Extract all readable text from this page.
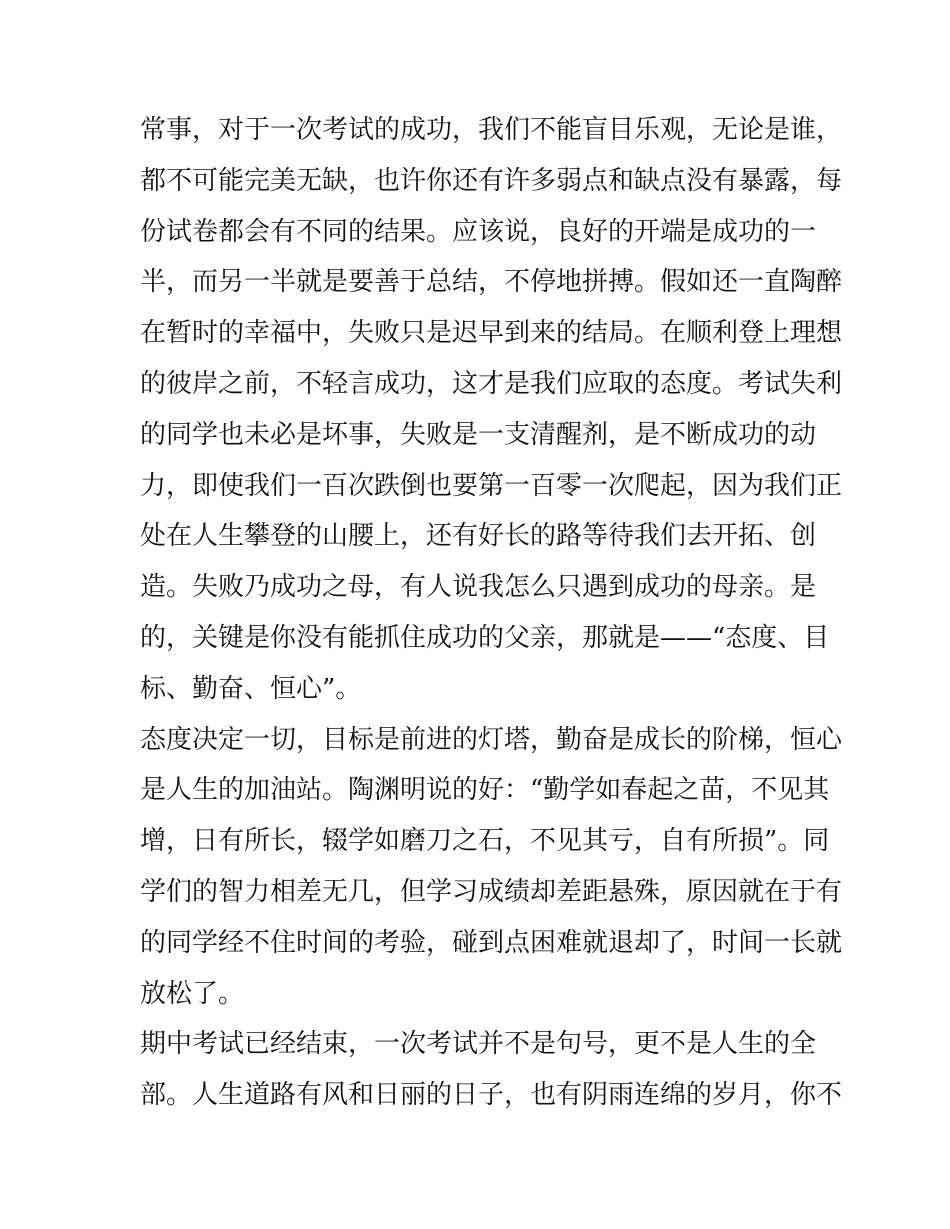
常事，对于一次考试的成功，我们不能盲目乐观，无论是谁，
都不可能完美无缺，也许你还有许多弱点和缺点没有暴露，每
份试卷都会有不同的结果。应该说，良好的开端是成功的一
半，而另一半就是要善于总结，不停地拼搏。假如还一直陶醉
在暂时的幸福中，失败只是迟早到来的结局。在顺利登上理想
的彼岸之前，不轻言成功，这才是我们应取的态度。考试失利
的同学也未必是坏事，失败是一支清醒剂，是不断成功的动
力，即使我们一百次跌倒也要第一百零一次爬起，因为我们正
处在人生攀登的山腰上，还有好长的路等待我们去开拓、创
造。失败乃成功之母，有人说我怎么只遇到成功的母亲。是
的，关键是你没有能抓住成功的父亲，那就是——“态度、目
标、勤奋、恒心”。
态度决定一切，目标是前进的灯塔，勤奋是成长的阶梯，恒心
是人生的加油站。陶渊明说的好：“勤学如春起之苗，不见其
增，日有所长，辍学如磨刀之石，不见其亏，自有所损”。同
学们的智力相差无几，但学习成绩却差距悬殊，原因就在于有
的同学经不住时间的考验，碰到点困难就退却了，时间一长就
放松了。
期中考试已经结束，一次考试并不是句号，更不是人生的全
部。人生道路有风和日丽的日子，也有阴雨连绵的岁月，你不
